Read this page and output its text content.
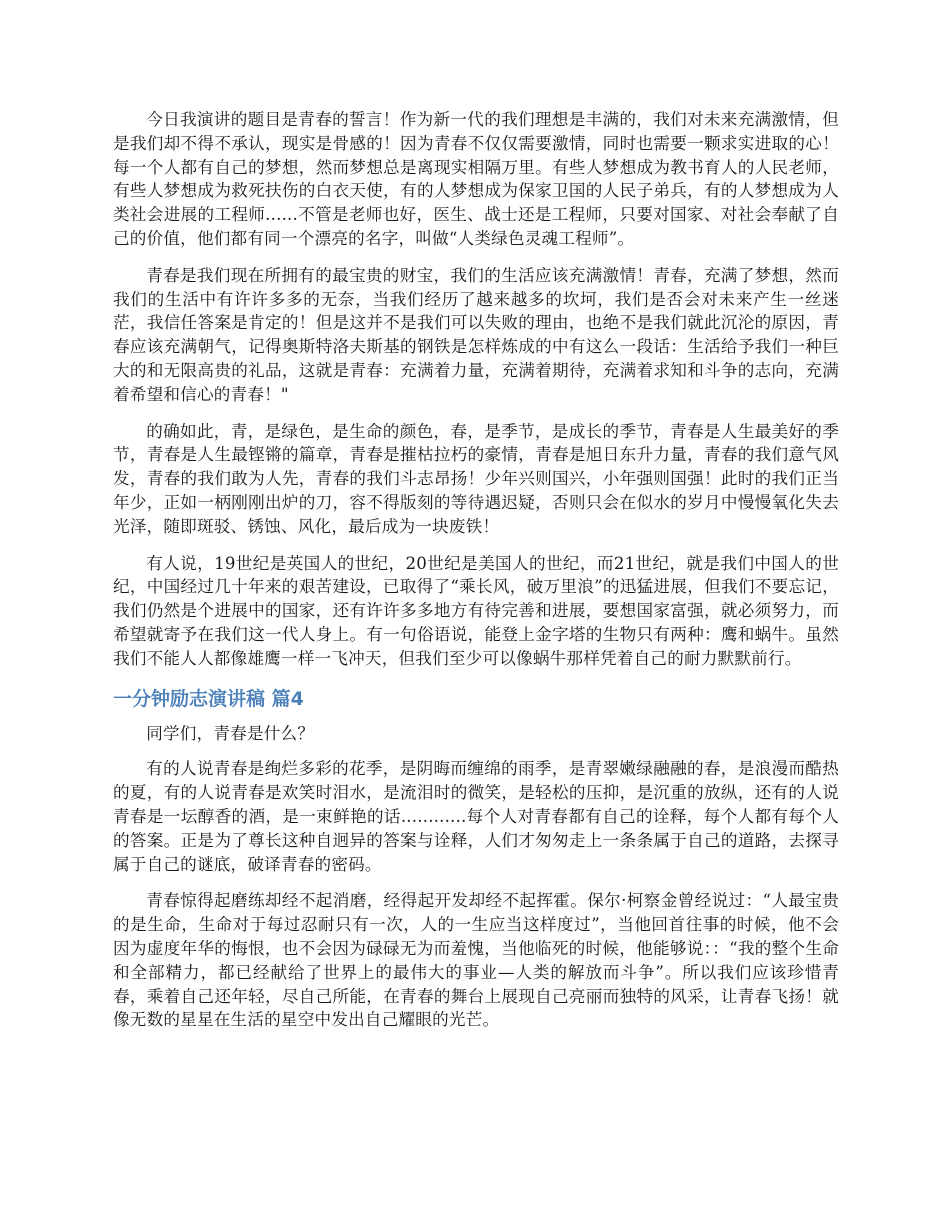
今日我演讲的题目是青春的誓言！作为新一代的我们理想是丰满的，我们对未来充满激情，但是我们却不得不承认，现实是骨感的！因为青春不仅仅需要激情，同时也需要一颗求实进取的心！每一个人都有自己的梦想，然而梦想总是离现实相隔万里。有些人梦想成为教书育人的人民老师，有些人梦想成为救死扶伤的白衣天使，有的人梦想成为保家卫国的人民子弟兵，有的人梦想成为人类社会进展的工程师......不管是老师也好，医生、战士还是工程师，只要对国家、对社会奉献了自己的价值，他们都有同一个漂亮的名字，叫做“人类绿色灵魂工程师”。

青春是我们现在所拥有的最宝贵的财宝，我们的生活应该充满激情！青春，充满了梦想，然而我们的生活中有许许多多的无奈，当我们经历了越来越多的坎坷，我们是否会对未来产生一丝迷茫，我信任答案是肯定的！但是这并不是我们可以失败的理由，也绝不是我们就此沉沦的原因，青春应该充满朝气，记得奥斯特洛夫斯基的钢铁是怎样炼成的中有这么一段话：生活给予我们一种巨大的和无限高贵的礼品，这就是青春：充满着力量，充满着期待，充满着求知和斗争的志向，充满着希望和信心的青春！"

的确如此，青，是绿色，是生命的颜色，春，是季节，是成长的季节，青春是人生最美好的季节，青春是人生最铿锵的篇章，青春是摧枯拉朽的豪情，青春是旭日东升力量，青春的我们意气风发，青春的我们敢为人先，青春的我们斗志昂扬！少年兴则国兴，小年强则国强！此时的我们正当年少，正如一柄刚刚出炉的刀，容不得版刻的等待遇迟疑，否则只会在似水的岁月中慢慢氧化失去光泽，随即斑驳、锈蚀、风化，最后成为一块废铁！

有人说，19世纪是英国人的世纪，20世纪是美国人的世纪，而21世纪，就是我们中国人的世纪，中国经过几十年来的艰苦建设，已取得了“乘长风，破万里浪”的迅猛进展，但我们不要忘记，我们仍然是个进展中的国家，还有许许多多地方有待完善和进展，要想国家富强，就必须努力，而希望就寄予在我们这一代人身上。有一句俗语说，能登上金字塔的生物只有两种：鹰和蜗牛。虽然我们不能人人都像雄鹰一样一飞冲天，但我们至少可以像蜗牛那样凭着自己的耐力默默前行。

一分钟励志演讲稿 篇4

同学们，青春是什么？

有的人说青春是绚烂多彩的花季，是阴晦而缠绵的雨季，是青翠嫩绿融融的春，是浪漫而酷热的夏，有的人说青春是欢笑时泪水，是流泪时的微笑，是轻松的压抑，是沉重的放纵，还有的人说青春是一坛醇香的酒，是一束鲜艳的话............每个人对青春都有自己的诠释，每个人都有每个人的答案。正是为了尊长这种自迥异的答案与诠释，人们才匆匆走上一条条属于自己的道路，去探寻属于自己的谜底，破译青春的密码。

青春惊得起磨练却经不起消磨，经得起开发却经不起挥霍。保尔·柯察金曾经说过：“人最宝贵的是生命，生命对于每过忍耐只有一次，人的一生应当这样度过”，当他回首往事的时候，他不会因为虚度年华的悔恨，也不会因为碌碌无为而羞愧，当他临死的时候，他能够说：：“我的整个生命和全部精力，都已经献给了世界上的最伟大的事业—人类的解放而斗争”。所以我们应该珍惜青春，乘着自己还年轻，尽自己所能，在青春的舞台上展现自己亮丽而独特的风采，让青春飞扬！就像无数的星星在生活的星空中发出自己耀眼的光芒。
